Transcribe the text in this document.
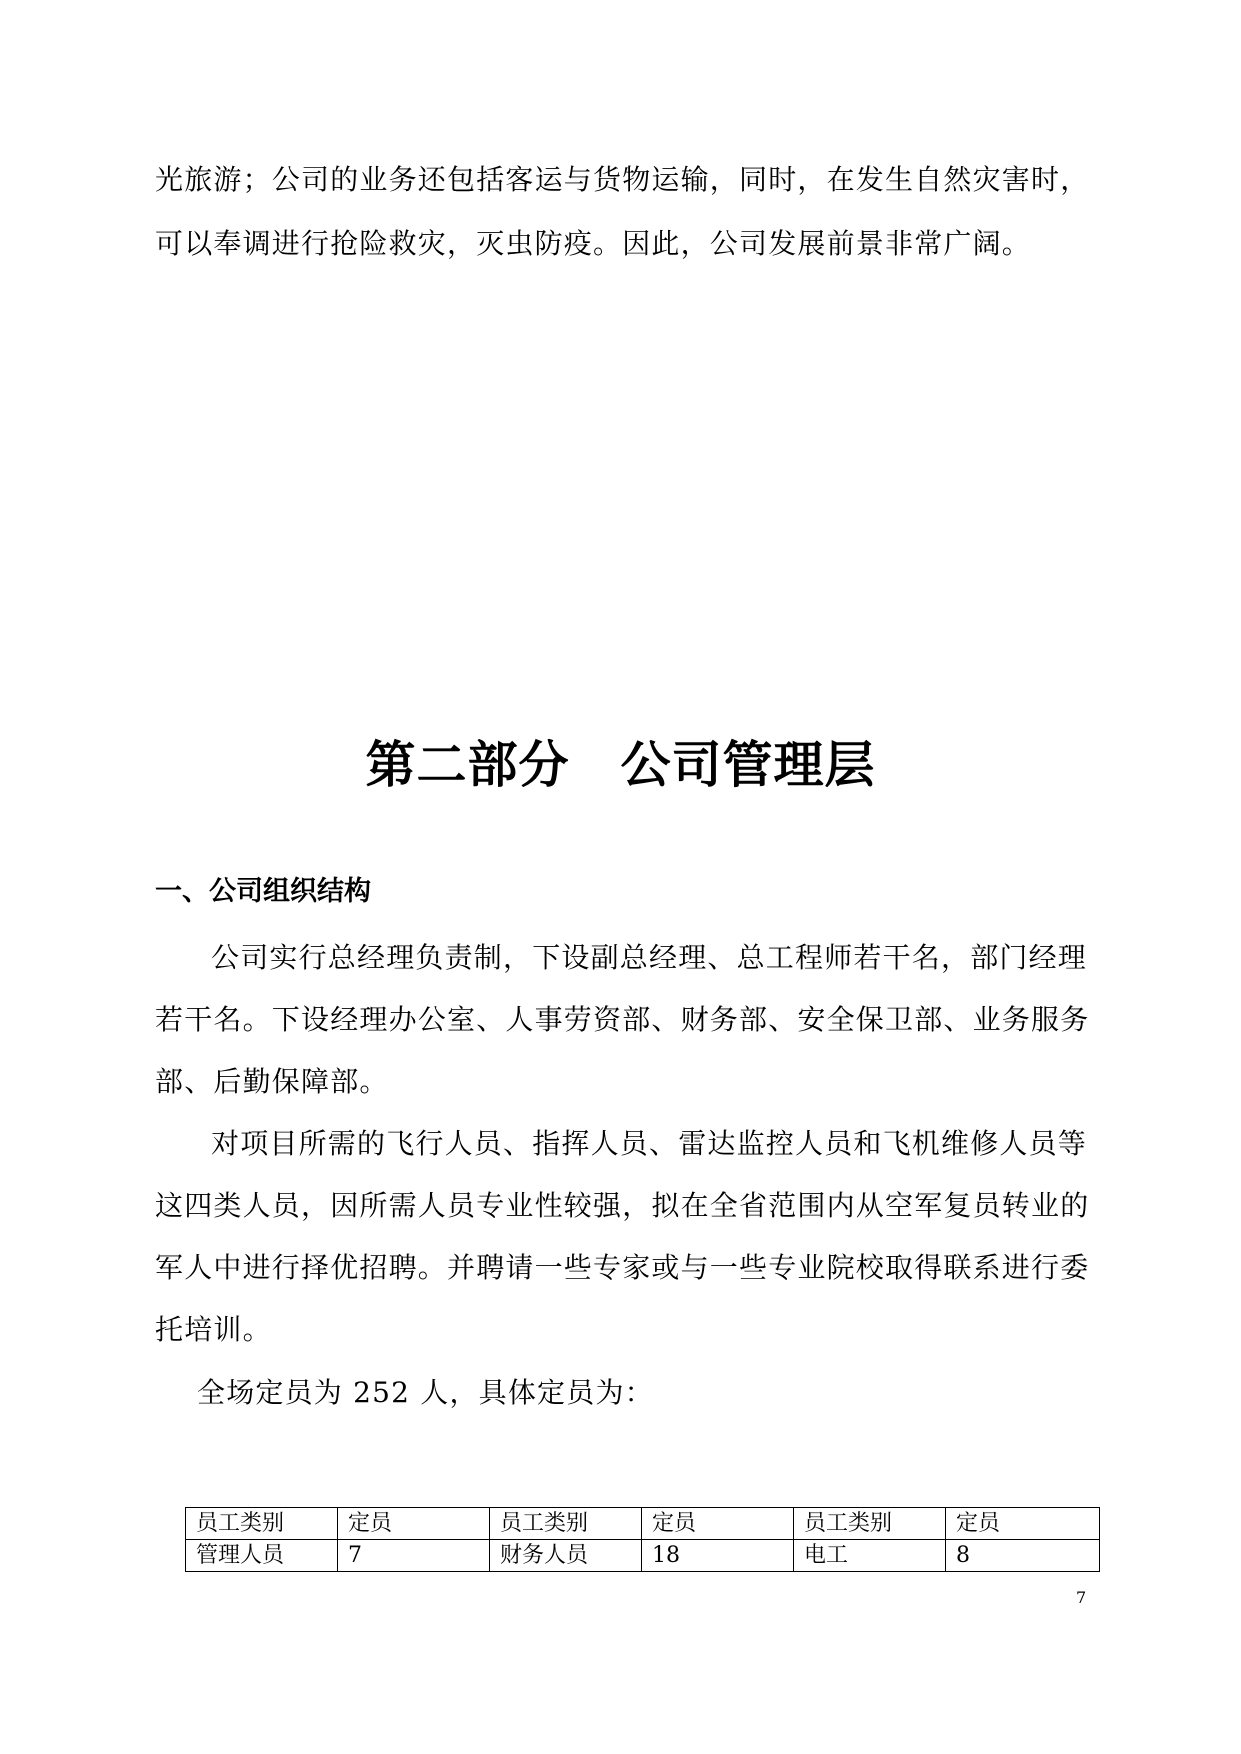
光旅游；公司的业务还包括客运与货物运输，同时，在发生自然灾害时，
可以奉调进行抢险救灾，灭虫防疫。因此，公司发展前景非常广阔。
第二部分　公司管理层
一、公司组织结构
公司实行总经理负责制，下设副总经理、总工程师若干名，部门经理
若干名。下设经理办公室、人事劳资部、财务部、安全保卫部、业务服务
部、后勤保障部。
对项目所需的飞行人员、指挥人员、雷达监控人员和飞机维修人员等
这四类人员，因所需人员专业性较强，拟在全省范围内从空军复员转业的
军人中进行择优招聘。并聘请一些专家或与一些专业院校取得联系进行委
托培训。
全场定员为 252 人，具体定员为：
员工类别	定员	员工类别	定员	员工类别	定员
管理人员	7	财务人员	18	电工	8
7
